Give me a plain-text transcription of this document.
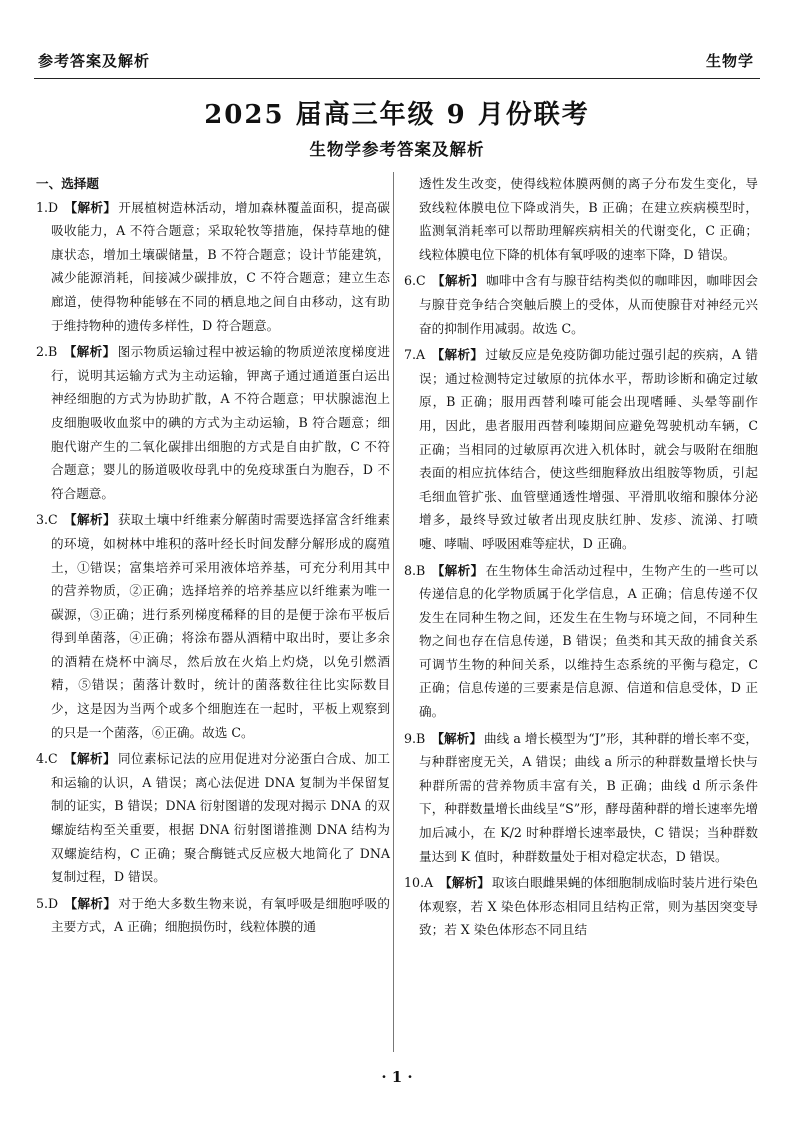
参考答案及解析	生物学
2025 届高三年级 9 月份联考
生物学参考答案及解析
一、选择题
1.D 【解析】 开展植树造林活动，增加森林覆盖面积，提高碳吸收能力，A 不符合题意；采取轮牧等措施，保持草地的健康状态，增加土壤碳储量，B 不符合题意；设计节能建筑，减少能源消耗，间接减少碳排放，C 不符合题意；建立生态廊道，使得物种能够在不同的栖息地之间自由移动，这有助于维持物种的遗传多样性，D 符合题意。
2.B 【解析】 图示物质运输过程中被运输的物质逆浓度梯度进行，说明其运输方式为主动运输，钾离子通过通道蛋白运出神经细胞的方式为协助扩散，A 不符合题意；甲状腺滤泡上皮细胞吸收血浆中的碘的方式为主动运输，B 符合题意；细胞代谢产生的二氧化碳排出细胞的方式是自由扩散，C 不符合题意；婴儿的肠道吸收母乳中的免疫球蛋白为胞吞，D 不符合题意。
3.C 【解析】 获取土壤中纤维素分解菌时需要选择富含纤维素的环境，如树林中堆积的落叶经长时间发酵分解形成的腐殖土，①错误；富集培养可采用液体培养基，可充分利用其中的营养物质，②正确；选择培养的培养基应以纤维素为唯一碳源，③正确；进行系列梯度稀释的目的是便于涂布平板后得到单菌落，④正确；将涂布器从酒精中取出时，要让多余的酒精在烧杯中滴尽，然后放在火焰上灼烧，以免引燃酒精，⑤错误；菌落计数时，统计的菌落数往往比实际数目少，这是因为当两个或多个细胞连在一起时，平板上观察到的只是一个菌落，⑥正确。故选 C。
4.C 【解析】 同位素标记法的应用促进对分泌蛋白合成、加工和运输的认识，A 错误；离心法促进 DNA 复制为半保留复制的证实，B 错误；DNA 衍射图谱的发现对揭示 DNA 的双螺旋结构至关重要，根据 DNA 衍射图谱推测 DNA 结构为双螺旋结构，C 正确；聚合酶链式反应极大地简化了 DNA 复制过程，D 错误。
5.D 【解析】 对于绝大多数生物来说，有氧呼吸是细胞呼吸的主要方式，A 正确；细胞损伤时，线粒体膜的通
透性发生改变，使得线粒体膜两侧的离子分布发生变化，导致线粒体膜电位下降或消失，B 正确；在建立疾病模型时，监测氧消耗率可以帮助理解疾病相关的代谢变化，C 正确；线粒体膜电位下降的机体有氧呼吸的速率下降，D 错误。
6.C 【解析】 咖啡中含有与腺苷结构类似的咖啡因，咖啡因会与腺苷竞争结合突触后膜上的受体，从而使腺苷对神经元兴奋的抑制作用减弱。故选 C。
7.A 【解析】 过敏反应是免疫防御功能过强引起的疾病，A 错误；通过检测特定过敏原的抗体水平，帮助诊断和确定过敏原，B 正确；服用西替利嗪可能会出现嗜睡、头晕等副作用，因此，患者服用西替利嗪期间应避免驾驶机动车辆，C 正确；当相同的过敏原再次进入机体时，就会与吸附在细胞表面的相应抗体结合，使这些细胞释放出组胺等物质，引起毛细血管扩张、血管壁通透性增强、平滑肌收缩和腺体分泌增多，最终导致过敏者出现皮肤红肿、发疹、流涕、打喷嚏、哮喘、呼吸困难等症状，D 正确。
8.B 【解析】 在生物体生命活动过程中，生物产生的一些可以传递信息的化学物质属于化学信息，A 正确；信息传递不仅发生在同种生物之间，还发生在生物与环境之间，不同种生物之间也存在信息传递，B 错误；鱼类和其天敌的捕食关系可调节生物的种间关系，以维持生态系统的平衡与稳定，C 正确；信息传递的三要素是信息源、信道和信息受体，D 正确。
9.B 【解析】 曲线 a 增长模型为“J”形，其种群的增长率不变，与种群密度无关，A 错误；曲线 a 所示的种群数量增长快与种群所需的营养物质丰富有关，B 正确；曲线 d 所示条件下，种群数量增长曲线呈“S”形，酵母菌种群的增长速率先增加后减小，在 K/2 时种群增长速率最快，C 错误；当种群数量达到 K 值时，种群数量处于相对稳定状态，D 错误。
10.A 【解析】 取该白眼雌果蝇的体细胞制成临时装片进行染色体观察，若 X 染色体形态相同且结构正常，则为基因突变导致；若 X 染色体形态不同且结
· 1 ·
